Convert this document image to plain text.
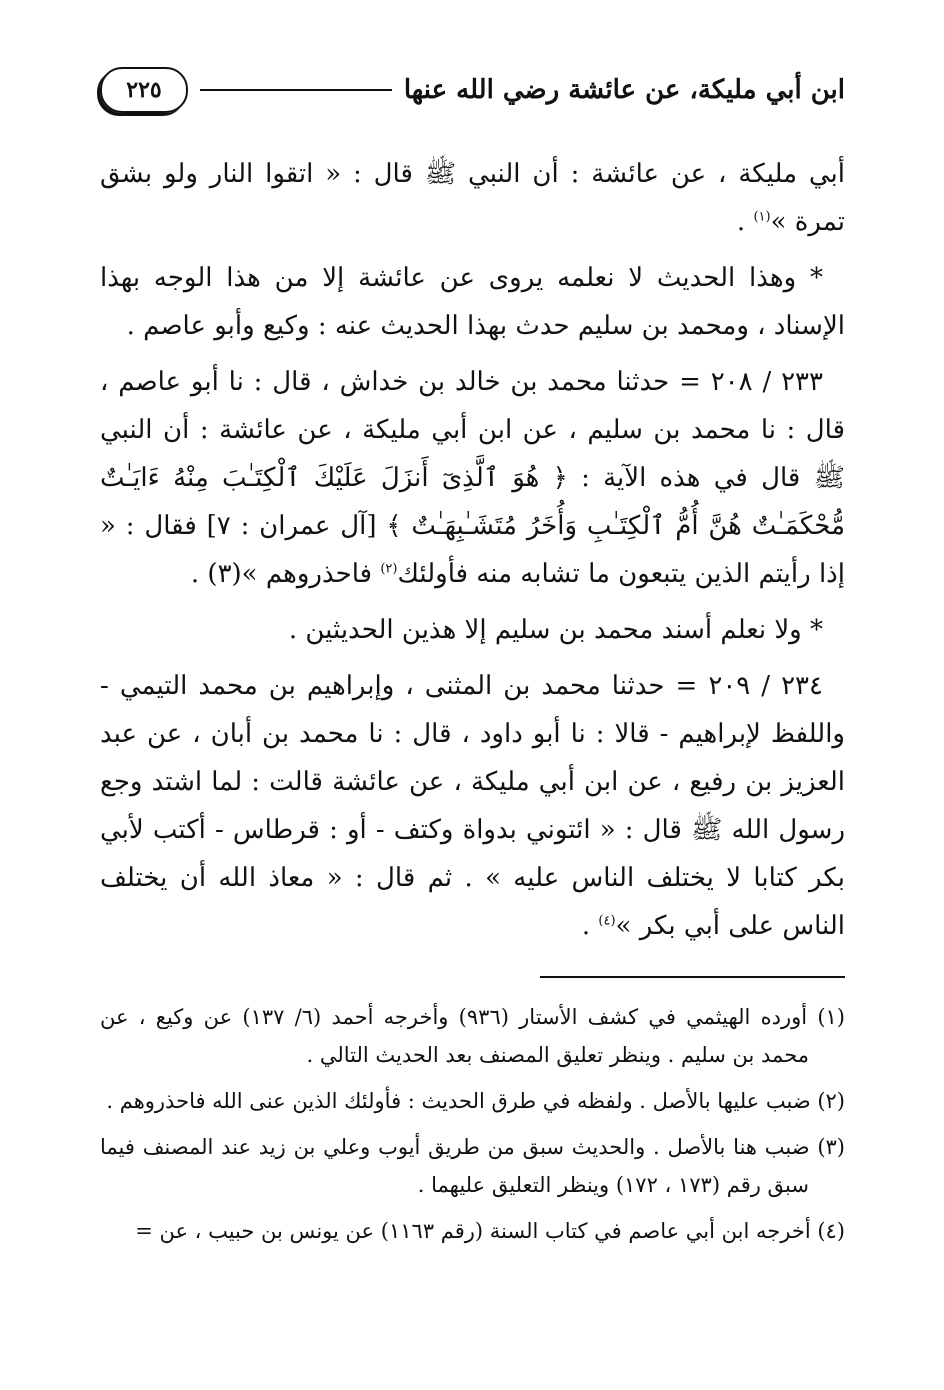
ابن أبي مليكة، عن عائشة رضي الله عنها
٢٢٥

أبي مليكة ، عن عائشة : أن النبي ﷺ قال : « اتقوا النار ولو بشق تمرة »$^{(١)}$ .

* وهذا الحديث لا نعلمه يروى عن عائشة إلا من هذا الوجه بهذا الإسناد ، ومحمد بن سليم حدث بهذا الحديث عنه : وكيع وأبو عاصم .

٢٣٣ / ٢٠٨ = حدثنا محمد بن خالد بن خداش ، قال : نا أبو عاصم ، قال : نا محمد بن سليم ، عن ابن أبي مليكة ، عن عائشة : أن النبي ﷺ قال في هذه الآية : ﴿ هُوَ ٱلَّذِىٓ أَنزَلَ عَلَيْكَ ٱلْكِتَـٰبَ مِنْهُ ءَايَـٰتٌ مُّحْكَمَـٰتٌ هُنَّ أُمُّ ٱلْكِتَـٰبِ وَأُخَرُ مُتَشَـٰبِهَـٰتٌ ﴾ [آل عمران : ٧] فقال : « إذا رأيتم الذين يتبعون ما تشابه منه فأولئك$^{(٢)}$ فاحذروهم »(٣) .

* ولا نعلم أسند محمد بن سليم إلا هذين الحديثين .

٢٣٤ / ٢٠٩ = حدثنا محمد بن المثنى ، وإبراهيم بن محمد التيمي - واللفظ لإبراهيم - قالا : نا أبو داود ، قال : نا محمد بن أبان ، عن عبد العزيز بن رفيع ، عن ابن أبي مليكة ، عن عائشة قالت : لما اشتد وجع رسول الله ﷺ قال : « ائتوني بدواة وكتف - أو : قرطاس - أكتب لأبي بكر كتابا لا يختلف الناس عليه » . ثم قال : « معاذ الله أن يختلف الناس على أبي بكر »$^{(٤)}$ .

(١) أورده الهيثمي في كشف الأستار (٩٣٦) وأخرجه أحمد (٦/ ١٣٧) عن وكيع ، عن محمد بن سليم . وينظر تعليق المصنف بعد الحديث التالي .
(٢) ضبب عليها بالأصل . ولفظه في طرق الحديث : فأولئك الذين عنى الله فاحذروهم .
(٣) ضبب هنا بالأصل . والحديث سبق من طريق أيوب وعلي بن زيد عند المصنف فيما سبق رقم (١٧٣ ، ١٧٢) وينظر التعليق عليهما .
(٤) أخرجه ابن أبي عاصم في كتاب السنة (رقم ١١٦٣) عن يونس بن حبيب ، عن =
